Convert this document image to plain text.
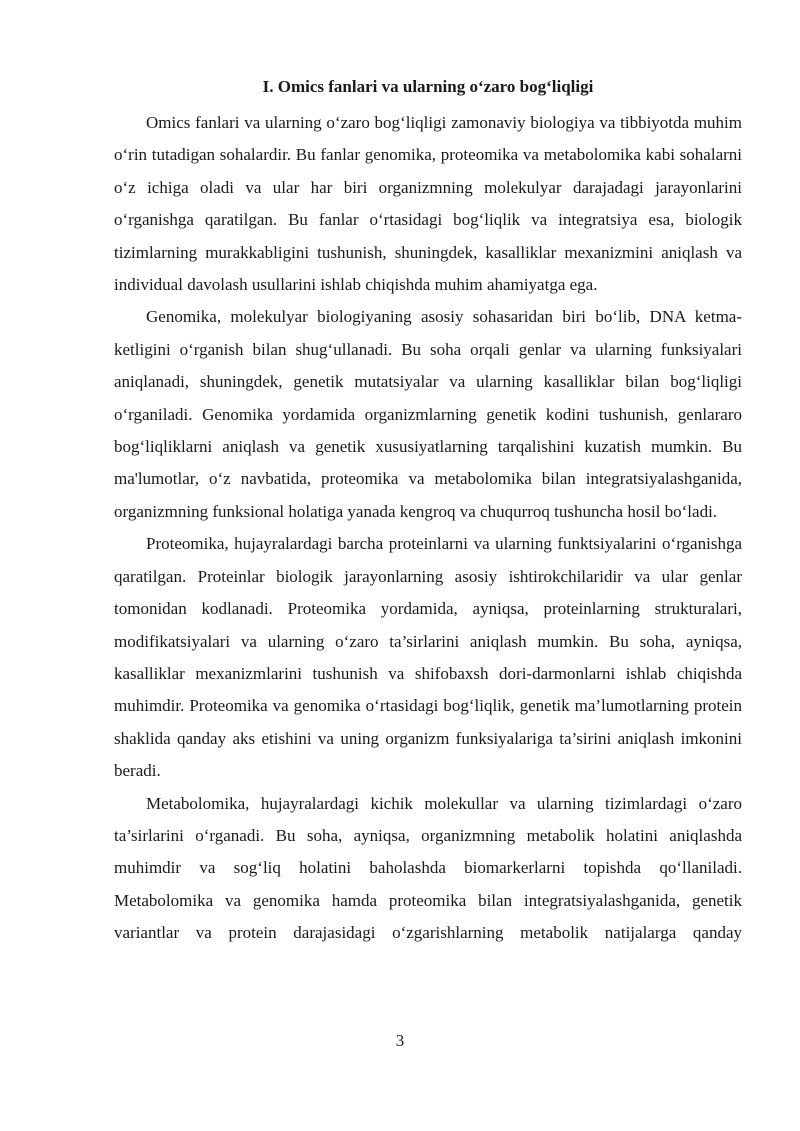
I. Omics fanlari va ularning o‘zaro bog‘liqligi

Omics fanlari va ularning o‘zaro bog‘liqligi zamonaviy biologiya va tibbiyotda muhim o‘rin tutadigan sohalardir. Bu fanlar genomika, proteomika va metabolomika kabi sohalarni o‘z ichiga oladi va ular har biri organizmning molekulyar darajadagi jarayonlarini o‘rganishga qaratilgan. Bu fanlar o‘rtasidagi bog‘liqlik va integratsiya esa, biologik tizimlarning murakkabligini tushunish, shuningdek, kasalliklar mexanizmini aniqlash va individual davolash usullarini ishlab chiqishda muhim ahamiyatga ega.

Genomika, molekulyar biologiyaning asosiy sohasaridan biri bo‘lib, DNA ketma-ketligini o‘rganish bilan shug‘ullanadi. Bu soha orqali genlar va ularning funksiyalari aniqlanadi, shuningdek, genetik mutatsiyalar va ularning kasalliklar bilan bog‘liqligi o‘rganiladi. Genomika yordamida organizmlarning genetik kodini tushunish, genlararo bog‘liqliklarni aniqlash va genetik xususiyatlarning tarqalishini kuzatish mumkin. Bu ma'lumotlar, o‘z navbatida, proteomika va metabolomika bilan integratsiyalashganida, organizmning funksional holatiga yanada kengroq va chuqurroq tushuncha hosil bo‘ladi.

Proteomika, hujayralardagi barcha proteinlarni va ularning funktsiyalarini o‘rganishga qaratilgan. Proteinlar biologik jarayonlarning asosiy ishtirokchilaridir va ular genlar tomonidan kodlanadi. Proteomika yordamida, ayniqsa, proteinlarning strukturalari, modifikatsiyalari va ularning o‘zaro ta’sirlarini aniqlash mumkin. Bu soha, ayniqsa, kasalliklar mexanizmlarini tushunish va shifobaxsh dori-darmonlarni ishlab chiqishda muhimdir. Proteomika va genomika o‘rtasidagi bog‘liqlik, genetik ma’lumotlarning protein shaklida qanday aks etishini va uning organizm funksiyalariga ta’sirini aniqlash imkonini beradi.

Metabolomika, hujayralardagi kichik molekullar va ularning tizimlardagi o‘zaro ta’sirlarini o‘rganadi. Bu soha, ayniqsa, organizmning metabolik holatini aniqlashda muhimdir va sog‘liq holatini baholashda biomarkerlarni topishda qo‘llaniladi. Metabolomika va genomika hamda proteomika bilan integratsiyalashganida, genetik variantlar va protein darajasidagi o‘zgarishlarning metabolik natijalarga qanday

3
